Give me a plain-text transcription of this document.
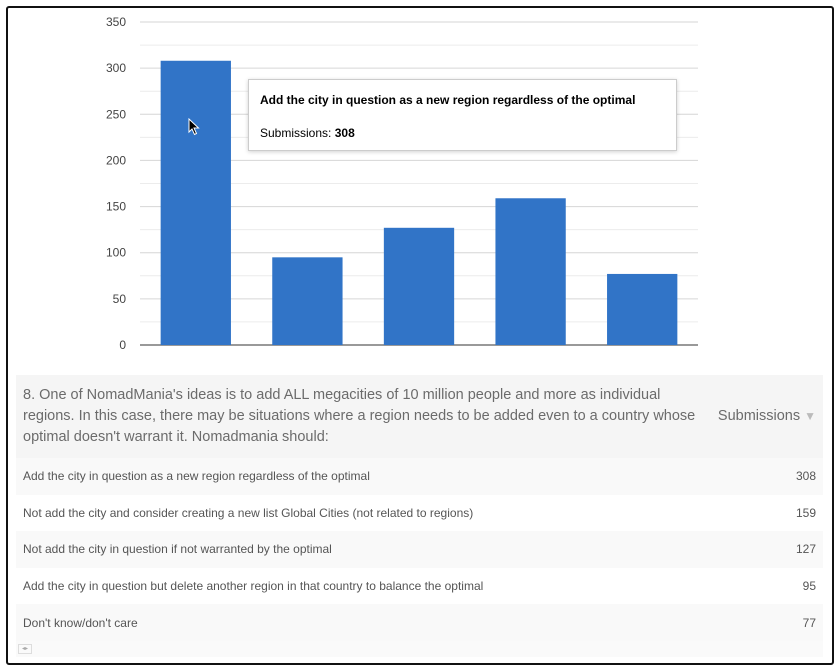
0
50
100
150
200
250
300
350
Add the city in question as a new region regardless of the optimal
Submissions: 308
8. One of NomadMania's ideas is to add ALL megacities of 10 million people and more as individual regions. In this case, there may be situations where a region needs to be added even to a country whose optimal doesn't warrant it. Nomadmania should:
Submissions ▼
Add the city in question as a new region regardless of the optimal	308
Not add the city and consider creating a new list Global Cities (not related to regions)	159
Not add the city in question if not warranted by the optimal	127
Add the city in question but delete another region in that country to balance the optimal	95
Don't know/don't care	77
◂▸
